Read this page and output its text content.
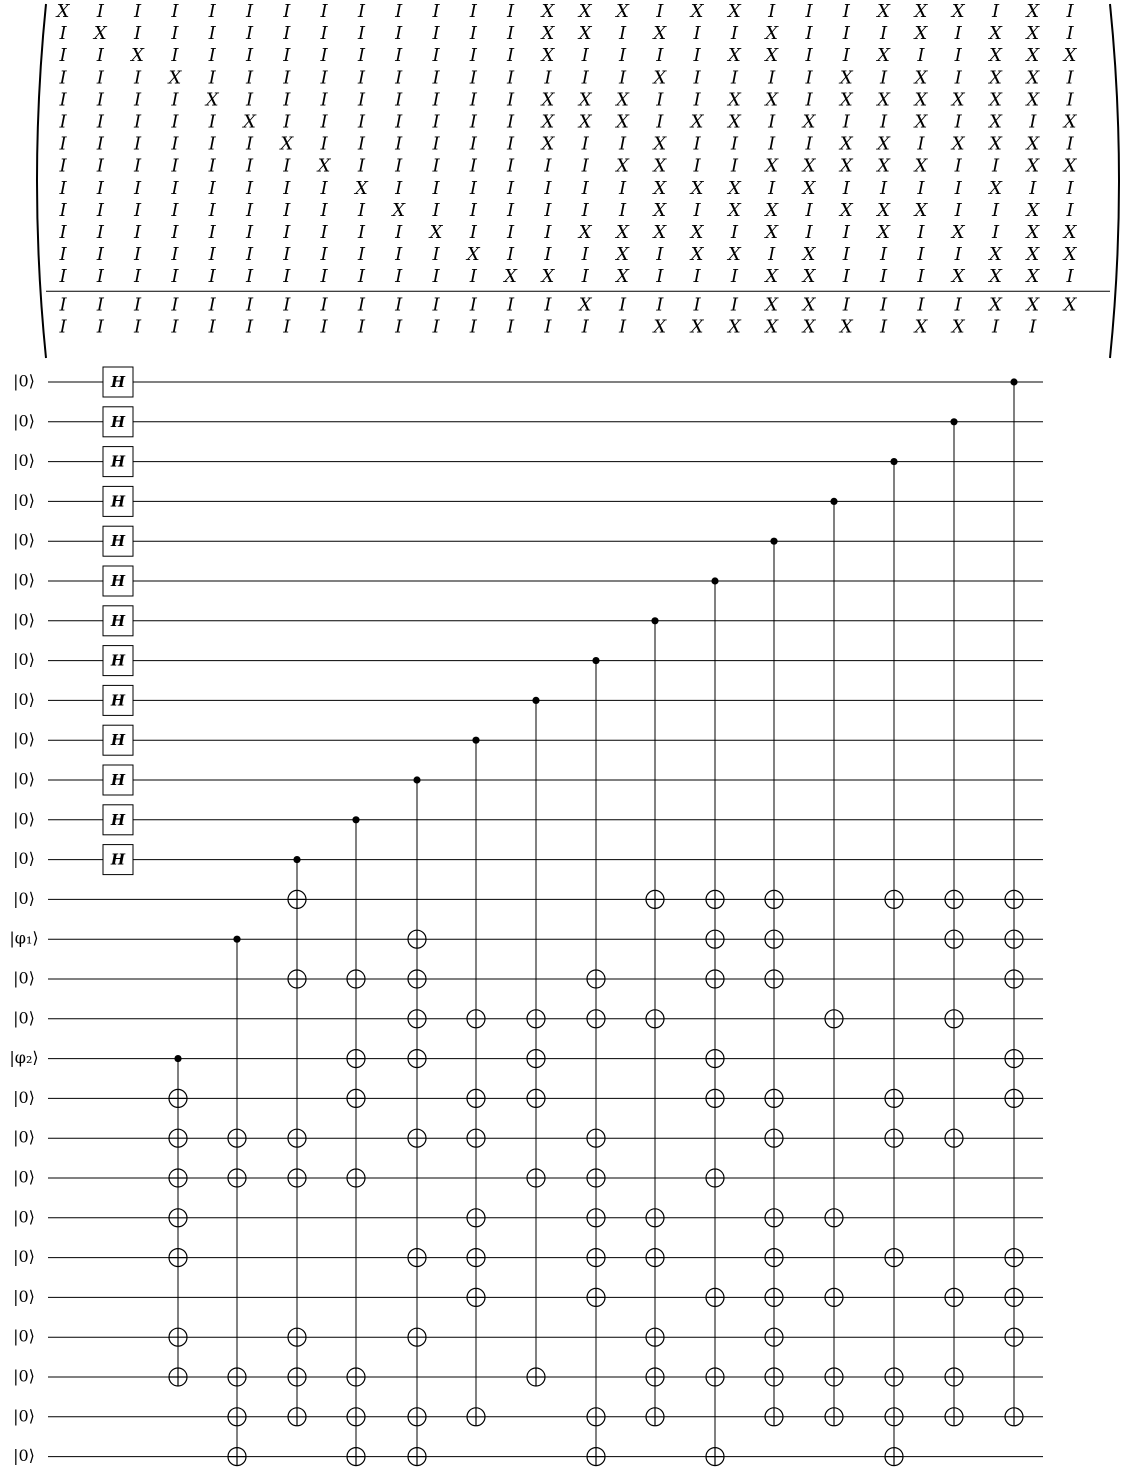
X I I I I I I I I I I I I X X X I X X I I I X X X I X I
I X I I I I I I I I I I I X X I X I I X I I I X I X X I
I I X I I I I I I I I I I X I I I I X X I I X I I X X X
I I I X I I I I I I I I I I I I X I I I I X I X I X X I
I I I I X I I I I I I I I X X X I I X X I X X X X X X I
I I I I I X I I I I I I I X X X I X X I X I I X I X I X
I I I I I I X I I I I I I X I I X I I I I X X I X X X I
I I I I I I I X I I I I I I I X X I I X X X X X I I X X
I I I I I I I I X I I I I I I I X X X I X I I I I X I I
I I I I I I I I I X I I I I I I X I X X I X X X I I X I
I I I I I I I I I I X I I I X X X X I X I I X I X I X X
I I I I I I I I I I I X I I I X I X X I X I I I I X X X
I I I I I I I I I I I I X X I X I I I X X I I I X X X I
I I I I I I I I I I I I I I X I I I I X X I I I I X X X
I I I I I I I I I I I I I I I I X X X X X X I X X I I
|0⟩
|0⟩
|0⟩
|0⟩
|0⟩
|0⟩
|0⟩
|0⟩
|0⟩
|0⟩
|0⟩
|0⟩
|0⟩
|0⟩
|φ₁⟩
|0⟩
|0⟩
|φ₂⟩
|0⟩
|0⟩
|0⟩
|0⟩
|0⟩
|0⟩
|0⟩
|0⟩
|0⟩
|0⟩
H
H
H
H
H
H
H
H
H
H
H
H
H
